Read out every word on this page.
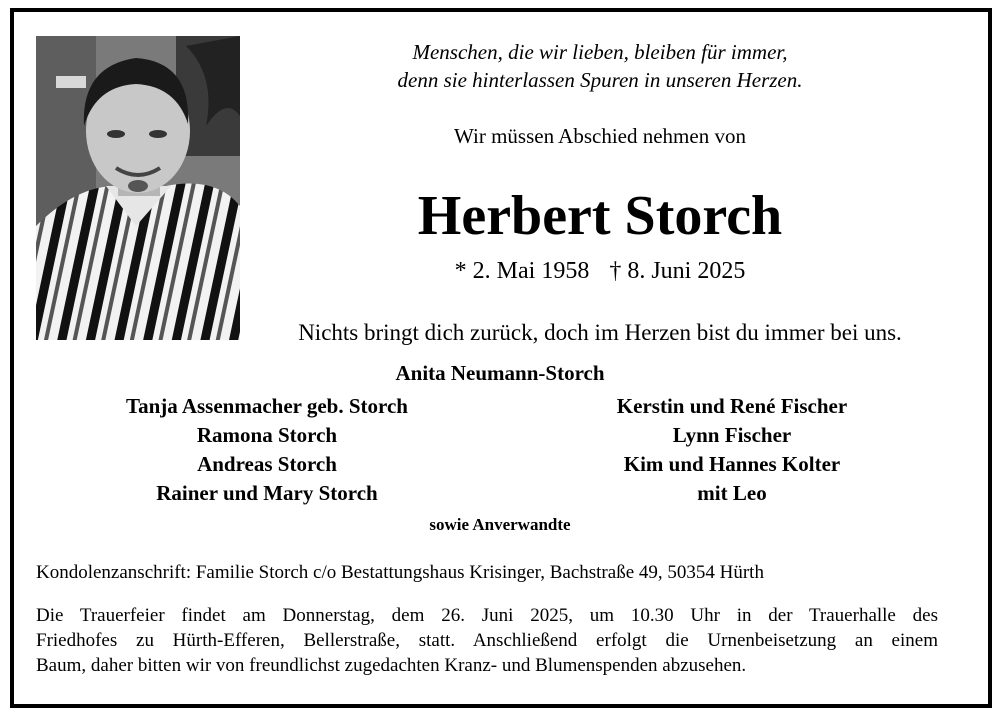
Menschen, die wir lieben, bleiben für immer,
denn sie hinterlassen Spuren in unseren Herzen.
Wir müssen Abschied nehmen von
Herbert Storch
* 2. Mai 1958 † 8. Juni 2025
Nichts bringt dich zurück, doch im Herzen bist du immer bei uns.
Anita Neumann-Storch
Tanja Assenmacher geb. Storch
Ramona Storch
Andreas Storch
Rainer und Mary Storch
Kerstin und René Fischer
Lynn Fischer
Kim und Hannes Kolter
mit Leo
sowie Anverwandte
Kondolenzanschrift: Familie Storch c/o Bestattungshaus Krisinger, Bachstraße 49, 50354 Hürth
Die Trauerfeier findet am Donnerstag, dem 26. Juni 2025, um 10.30 Uhr in der Trauerhalle des
Friedhofes zu Hürth-Efferen, Bellerstraße, statt. Anschließend erfolgt die Urnenbeisetzung an einem
Baum, daher bitten wir von freundlichst zugedachten Kranz- und Blumenspenden abzusehen.
